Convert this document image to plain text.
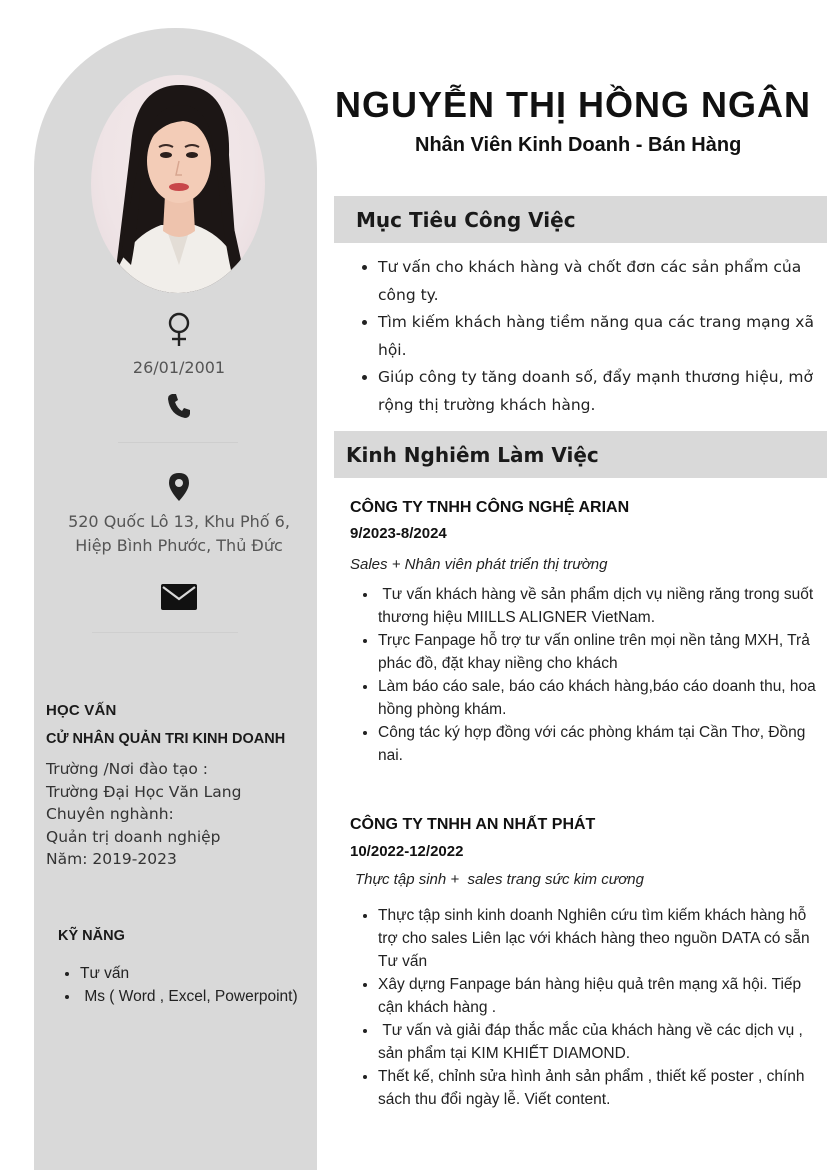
26/01/2001
520 Quốc Lô 13, Khu Phố 6,
Hiệp Bình Phước, Thủ Đức
HỌC VẤN
CỬ NHÂN QUẢN TRI KINH DOANH
Trường /Nơi đào tạo :
Trường Đại Học Văn Lang
Chuyên nghành:
Quản trị doanh nghiệp
Năm: 2019-2023
KỸ NĂNG
• Tư vấn
•  Ms ( Word , Excel, Powerpoint)
NGUYỄN THỊ HỒNG NGÂN
Nhân Viên Kinh Doanh - Bán Hàng
Mục Tiêu Công Việc
• Tư vấn cho khách hàng và chốt đơn các sản phẩm của công ty.
• Tìm kiếm khách hàng tiềm năng qua các trang mạng xã hội.
• Giúp công ty tăng doanh số, đẩy mạnh thương hiệu, mở rộng thị trường khách hàng.
Kinh Nghiêm Làm Việc
CÔNG TY TNHH CÔNG NGHỆ ARIAN
9/2023-8/2024
Sales + Nhân viên phát triển thị trường
•  Tư vấn khách hàng về sản phẩm dịch vụ niềng răng trong suốt thương hiệu MIILLS ALIGNER VietNam.
• Trực Fanpage hỗ trợ tư vấn online trên mọi nền tảng MXH, Trả phác đồ, đặt khay niềng cho khách
• Làm báo cáo sale, báo cáo khách hàng,báo cáo doanh thu, hoa hồng phòng khám.
• Công tác ký hợp đồng với các phòng khám tại Cần Thơ, Đồng nai.
CÔNG TY TNHH AN NHẤT PHÁT
10/2022-12/2022
Thực tập sinh +  sales trang sức kim cương
• Thực tập sinh kinh doanh Nghiên cứu tìm kiếm khách hàng hỗ trợ cho sales Liên lạc với khách hàng theo nguồn DATA có sẵn Tư vấn
• Xây dựng Fanpage bán hàng hiệu quả trên mạng xã hội. Tiếp cận khách hàng .
•  Tư vấn và giải đáp thắc mắc của khách hàng về các dịch vụ , sản phẩm tại KIM KHIẾT DIAMOND.
• Thết kế, chỉnh sửa hình ảnh sản phẩm , thiết kế poster , chính sách thu đổi ngày lễ. Viết content.
